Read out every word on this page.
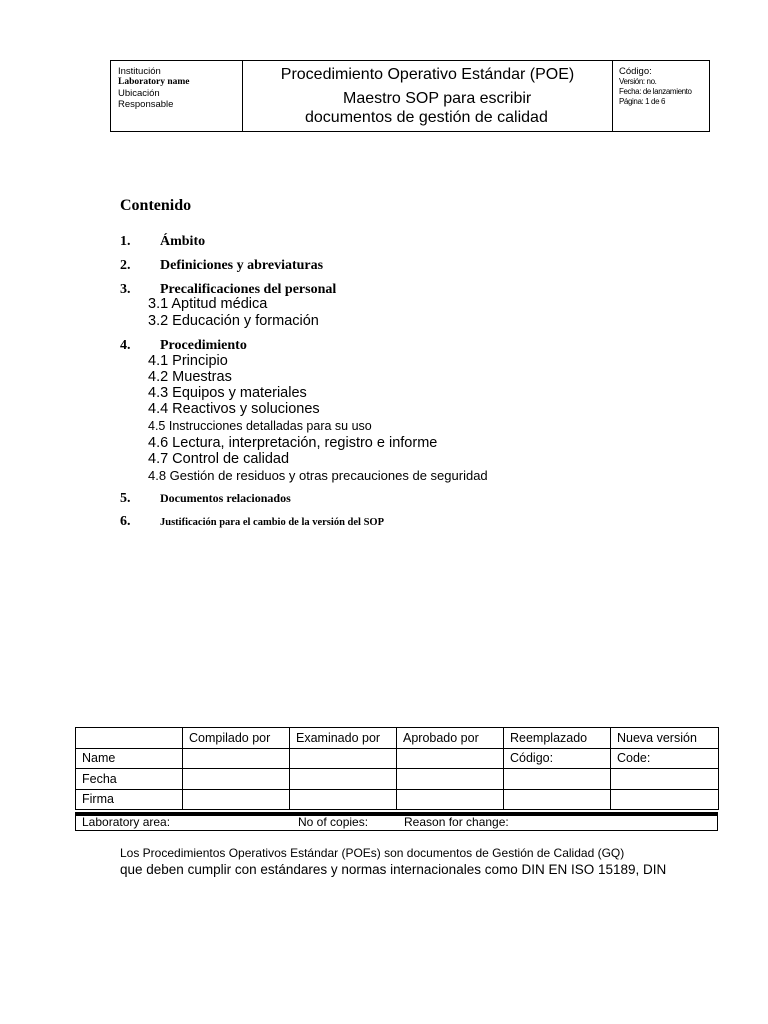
Institución
Laboratory name
Ubicación
Responsable
Procedimiento Operativo Estándar (POE)
Maestro SOP para escribir
documentos de gestión de calidad
Código:
Versión: no.
Fecha: de lanzamiento
Página: 1 de 6
Contenido
1. Ámbito
2. Definiciones y abreviaturas
3. Precalificaciones del personal
3.1 Aptitud médica
3.2 Educación y formación
4. Procedimiento
4.1 Principio
4.2 Muestras
4.3 Equipos y materiales
4.4 Reactivos y soluciones
4.5 Instrucciones detalladas para su uso
4.6 Lectura, interpretación, registro e informe
4.7 Control de calidad
4.8 Gestión de residuos y otras precauciones de seguridad
5. Documentos relacionados
6.	Justificación para el cambio de la versión del SOP
	Compilado por	Examinado por	Aprobado por	Reemplazado	Nueva versión
Name				Código:	Code:
Fecha					
Firma					
Laboratory area:	No of copies:	Reason for change:
Los Procedimientos Operativos Estándar (POEs) son documentos de Gestión de Calidad (GQ)
que deben cumplir con estándares y normas internacionales como DIN EN ISO 15189, DIN
